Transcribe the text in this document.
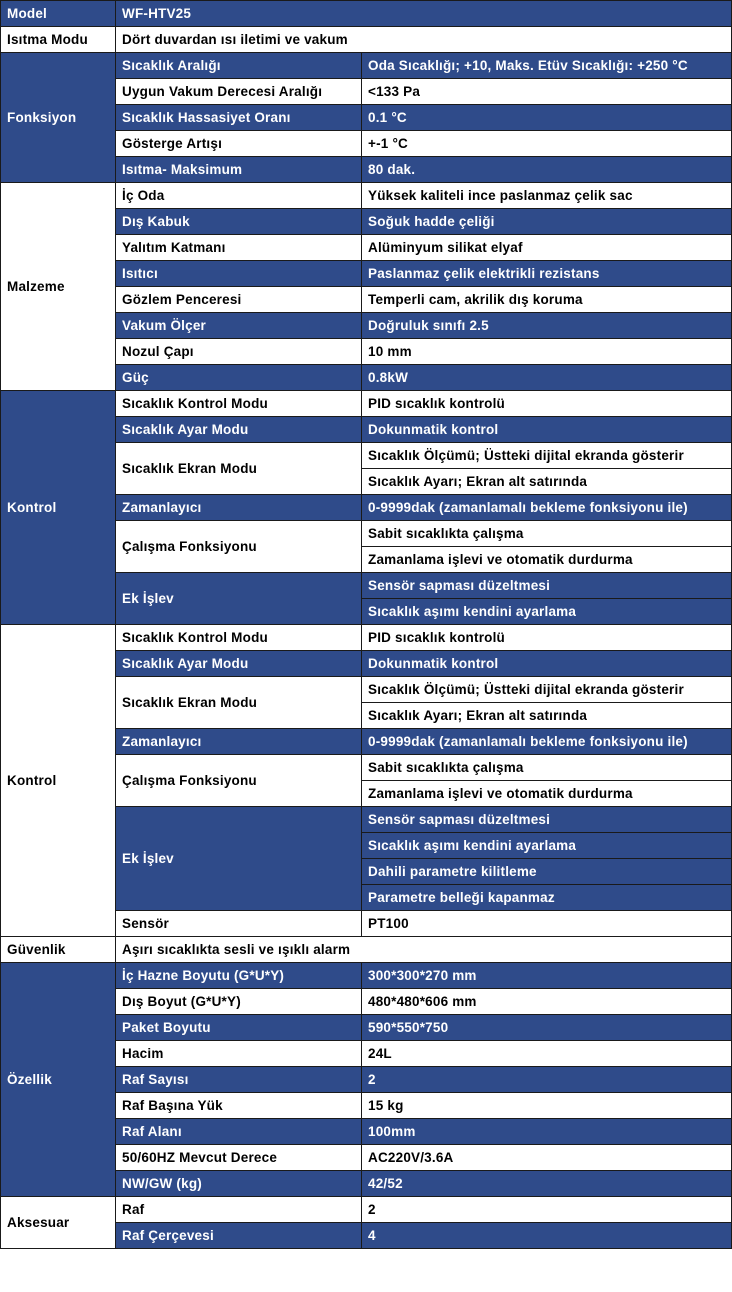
Model	WF-HTV25	
Isıtma Modu	Dört duvardan ısı iletimi ve vakum	
Fonksiyon	Sıcaklık Aralığı	Oda Sıcaklığı; +10, Maks. Etüv Sıcaklığı: +250 °C
	Uygun Vakum Derecesi Aralığı	<133 Pa
	Sıcaklık Hassasiyet Oranı	0.1 °C
	Gösterge Artışı	+-1 °C
	Isıtma- Maksimum	80 dak.
Malzeme	İç Oda	Yüksek kaliteli ince paslanmaz çelik sac
	Dış Kabuk	Soğuk hadde çeliği
	Yalıtım Katmanı	Alüminyum silikat elyaf
	Isıtıcı	Paslanmaz çelik elektrikli rezistans
	Gözlem Penceresi	Temperli cam, akrilik dış koruma
	Vakum Ölçer	Doğruluk sınıfı 2.5
	Nozul Çapı	10 mm
	Güç	0.8kW
Kontrol	Sıcaklık Kontrol Modu	PID sıcaklık kontrolü
	Sıcaklık Ayar Modu	Dokunmatik kontrol
	Sıcaklık Ekran Modu	Sıcaklık Ölçümü; Üstteki dijital ekranda gösterir
		Sıcaklık Ayarı; Ekran alt satırında
	Zamanlayıcı	0-9999dak (zamanlamalı bekleme fonksiyonu ile)
	Çalışma Fonksiyonu	Sabit sıcaklıkta çalışma
		Zamanlama işlevi ve otomatik durdurma
	Ek İşlev	Sensör sapması düzeltmesi
		Sıcaklık aşımı kendini ayarlama
Kontrol	Sıcaklık Kontrol Modu	PID sıcaklık kontrolü
	Sıcaklık Ayar Modu	Dokunmatik kontrol
	Sıcaklık Ekran Modu	Sıcaklık Ölçümü; Üstteki dijital ekranda gösterir
		Sıcaklık Ayarı; Ekran alt satırında
	Zamanlayıcı	0-9999dak (zamanlamalı bekleme fonksiyonu ile)
	Çalışma Fonksiyonu	Sabit sıcaklıkta çalışma
		Zamanlama işlevi ve otomatik durdurma
	Ek İşlev	Sensör sapması düzeltmesi
		Sıcaklık aşımı kendini ayarlama
		Dahili parametre kilitleme
		Parametre belleği kapanmaz
	Sensör	PT100
Güvenlik	Aşırı sıcaklıkta sesli ve ışıklı alarm	
Özellik	İç Hazne Boyutu (G*U*Y)	300*300*270 mm
	Dış Boyut (G*U*Y)	480*480*606 mm
	Paket Boyutu	590*550*750
	Hacim	24L
	Raf Sayısı	2
	Raf Başına Yük	15 kg
	Raf Alanı	100mm
	50/60HZ Mevcut Derece	AC220V/3.6A
	NW/GW (kg)	42/52
Aksesuar	Raf	2
	Raf Çerçevesi	4
